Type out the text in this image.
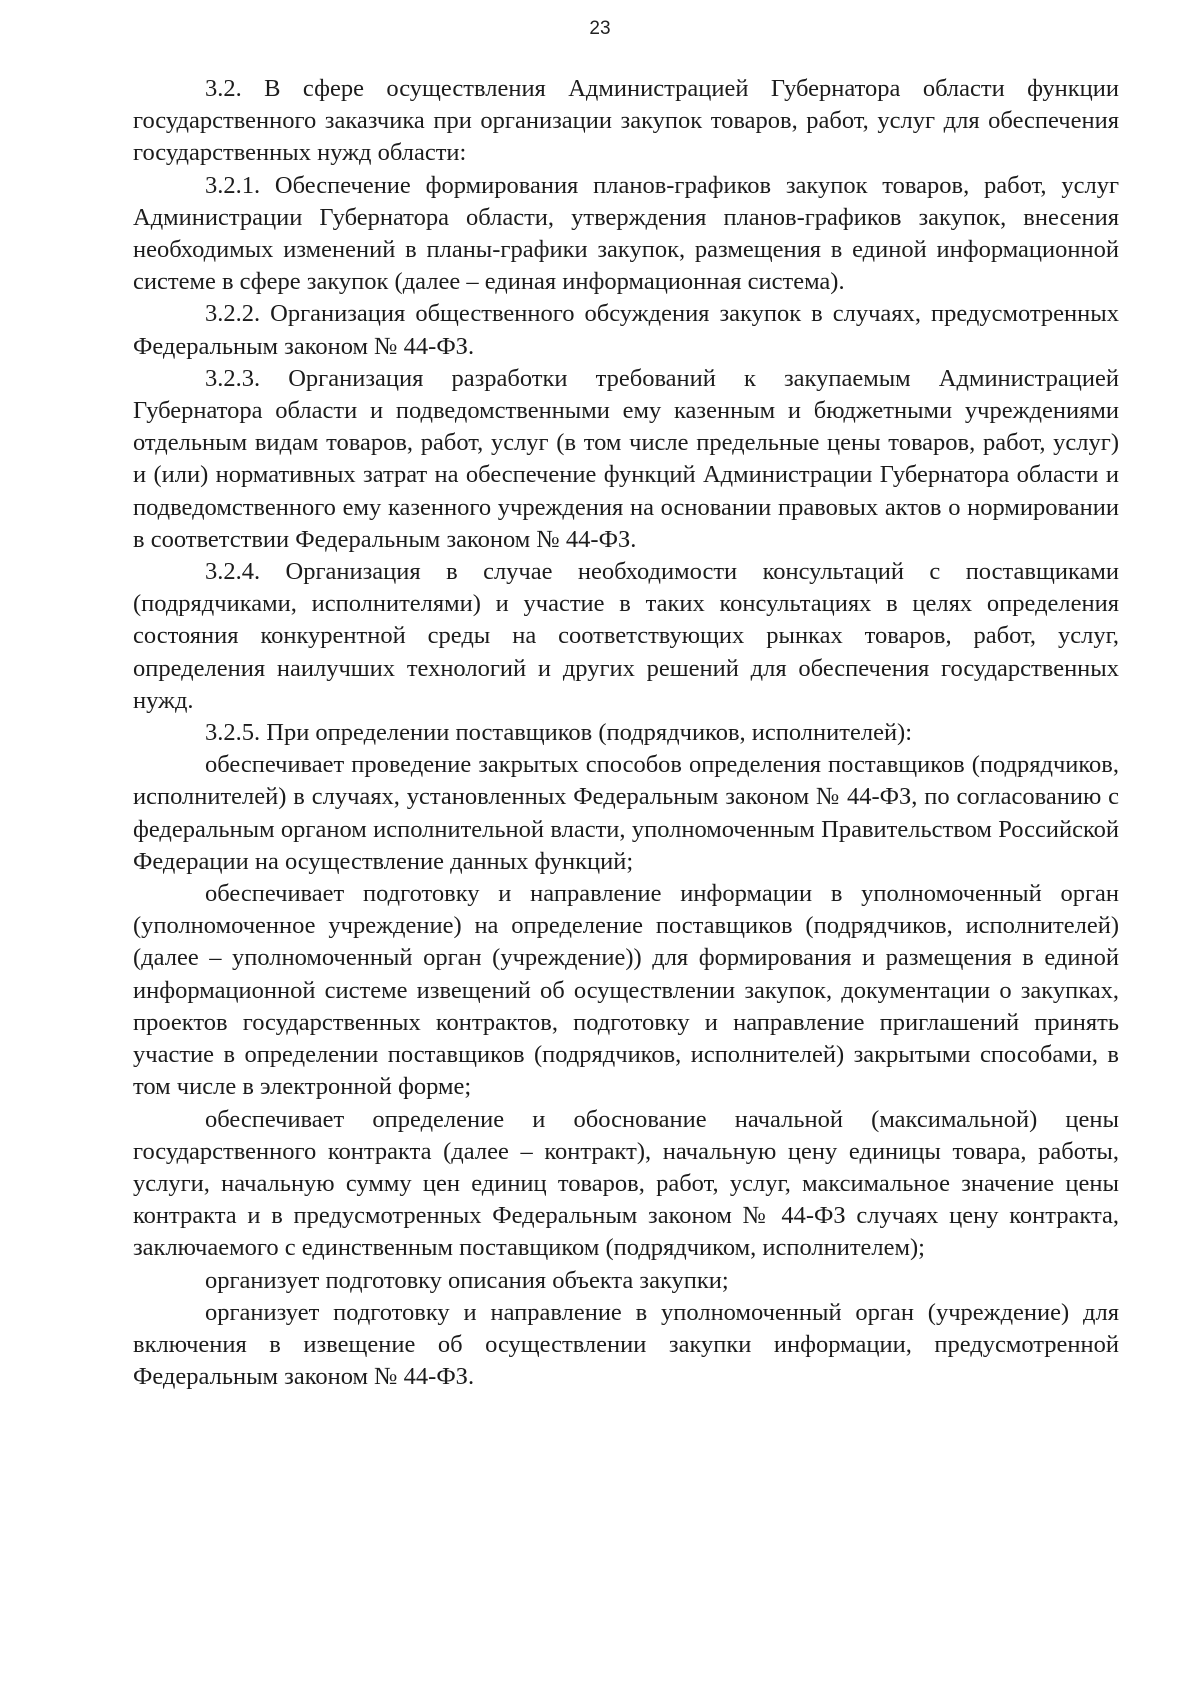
23

3.2. В сфере осуществления Администрацией Губернатора области функции государственного заказчика при организации закупок товаров, работ, услуг для обеспечения государственных нужд области:

3.2.1. Обеспечение формирования планов-графиков закупок товаров, работ, услуг Администрации Губернатора области, утверждения планов-графиков закупок, внесения необходимых изменений в планы-графики закупок, размещения в единой информационной системе в сфере закупок (далее – единая информационная система).

3.2.2. Организация общественного обсуждения закупок в случаях, предусмотренных Федеральным законом № 44-ФЗ.

3.2.3. Организация разработки требований к закупаемым Администрацией Губернатора области и подведомственными ему казенным и бюджетными учреждениями отдельным видам товаров, работ, услуг (в том числе предельные цены товаров, работ, услуг) и (или) нормативных затрат на обеспечение функций Администрации Губернатора области и подведомственного ему казенного учреждения на основании правовых актов о нормировании в соответствии Федеральным законом № 44-ФЗ.

3.2.4. Организация в случае необходимости консультаций с поставщиками (подрядчиками, исполнителями) и участие в таких консультациях в целях определения состояния конкурентной среды на соответствующих рынках товаров, работ, услуг, определения наилучших технологий и других решений для обеспечения государственных нужд.

3.2.5. При определении поставщиков (подрядчиков, исполнителей):

обеспечивает проведение закрытых способов определения поставщиков (подрядчиков, исполнителей) в случаях, установленных Федеральным законом № 44-ФЗ, по согласованию с федеральным органом исполнительной власти, уполномоченным Правительством Российской Федерации на осуществление данных функций;

обеспечивает подготовку и направление информации в уполномоченный орган (уполномоченное учреждение) на определение поставщиков (подрядчиков, исполнителей) (далее – уполномоченный орган (учреждение)) для формирования и размещения в единой информационной системе извещений об осуществлении закупок, документации о закупках, проектов государственных контрактов, подготовку и направление приглашений принять участие в определении поставщиков (подрядчиков, исполнителей) закрытыми способами, в том числе в электронной форме;

обеспечивает определение и обоснование начальной (максимальной) цены государственного контракта (далее – контракт), начальную цену единицы товара, работы, услуги, начальную сумму цен единиц товаров, работ, услуг, максимальное значение цены контракта и в предусмотренных Федеральным законом № 44-ФЗ случаях цену контракта, заключаемого с единственным поставщиком (подрядчиком, исполнителем);

организует подготовку описания объекта закупки;

организует подготовку и направление в уполномоченный орган (учреждение) для включения в извещение об осуществлении закупки информации, предусмотренной Федеральным законом № 44-ФЗ.
